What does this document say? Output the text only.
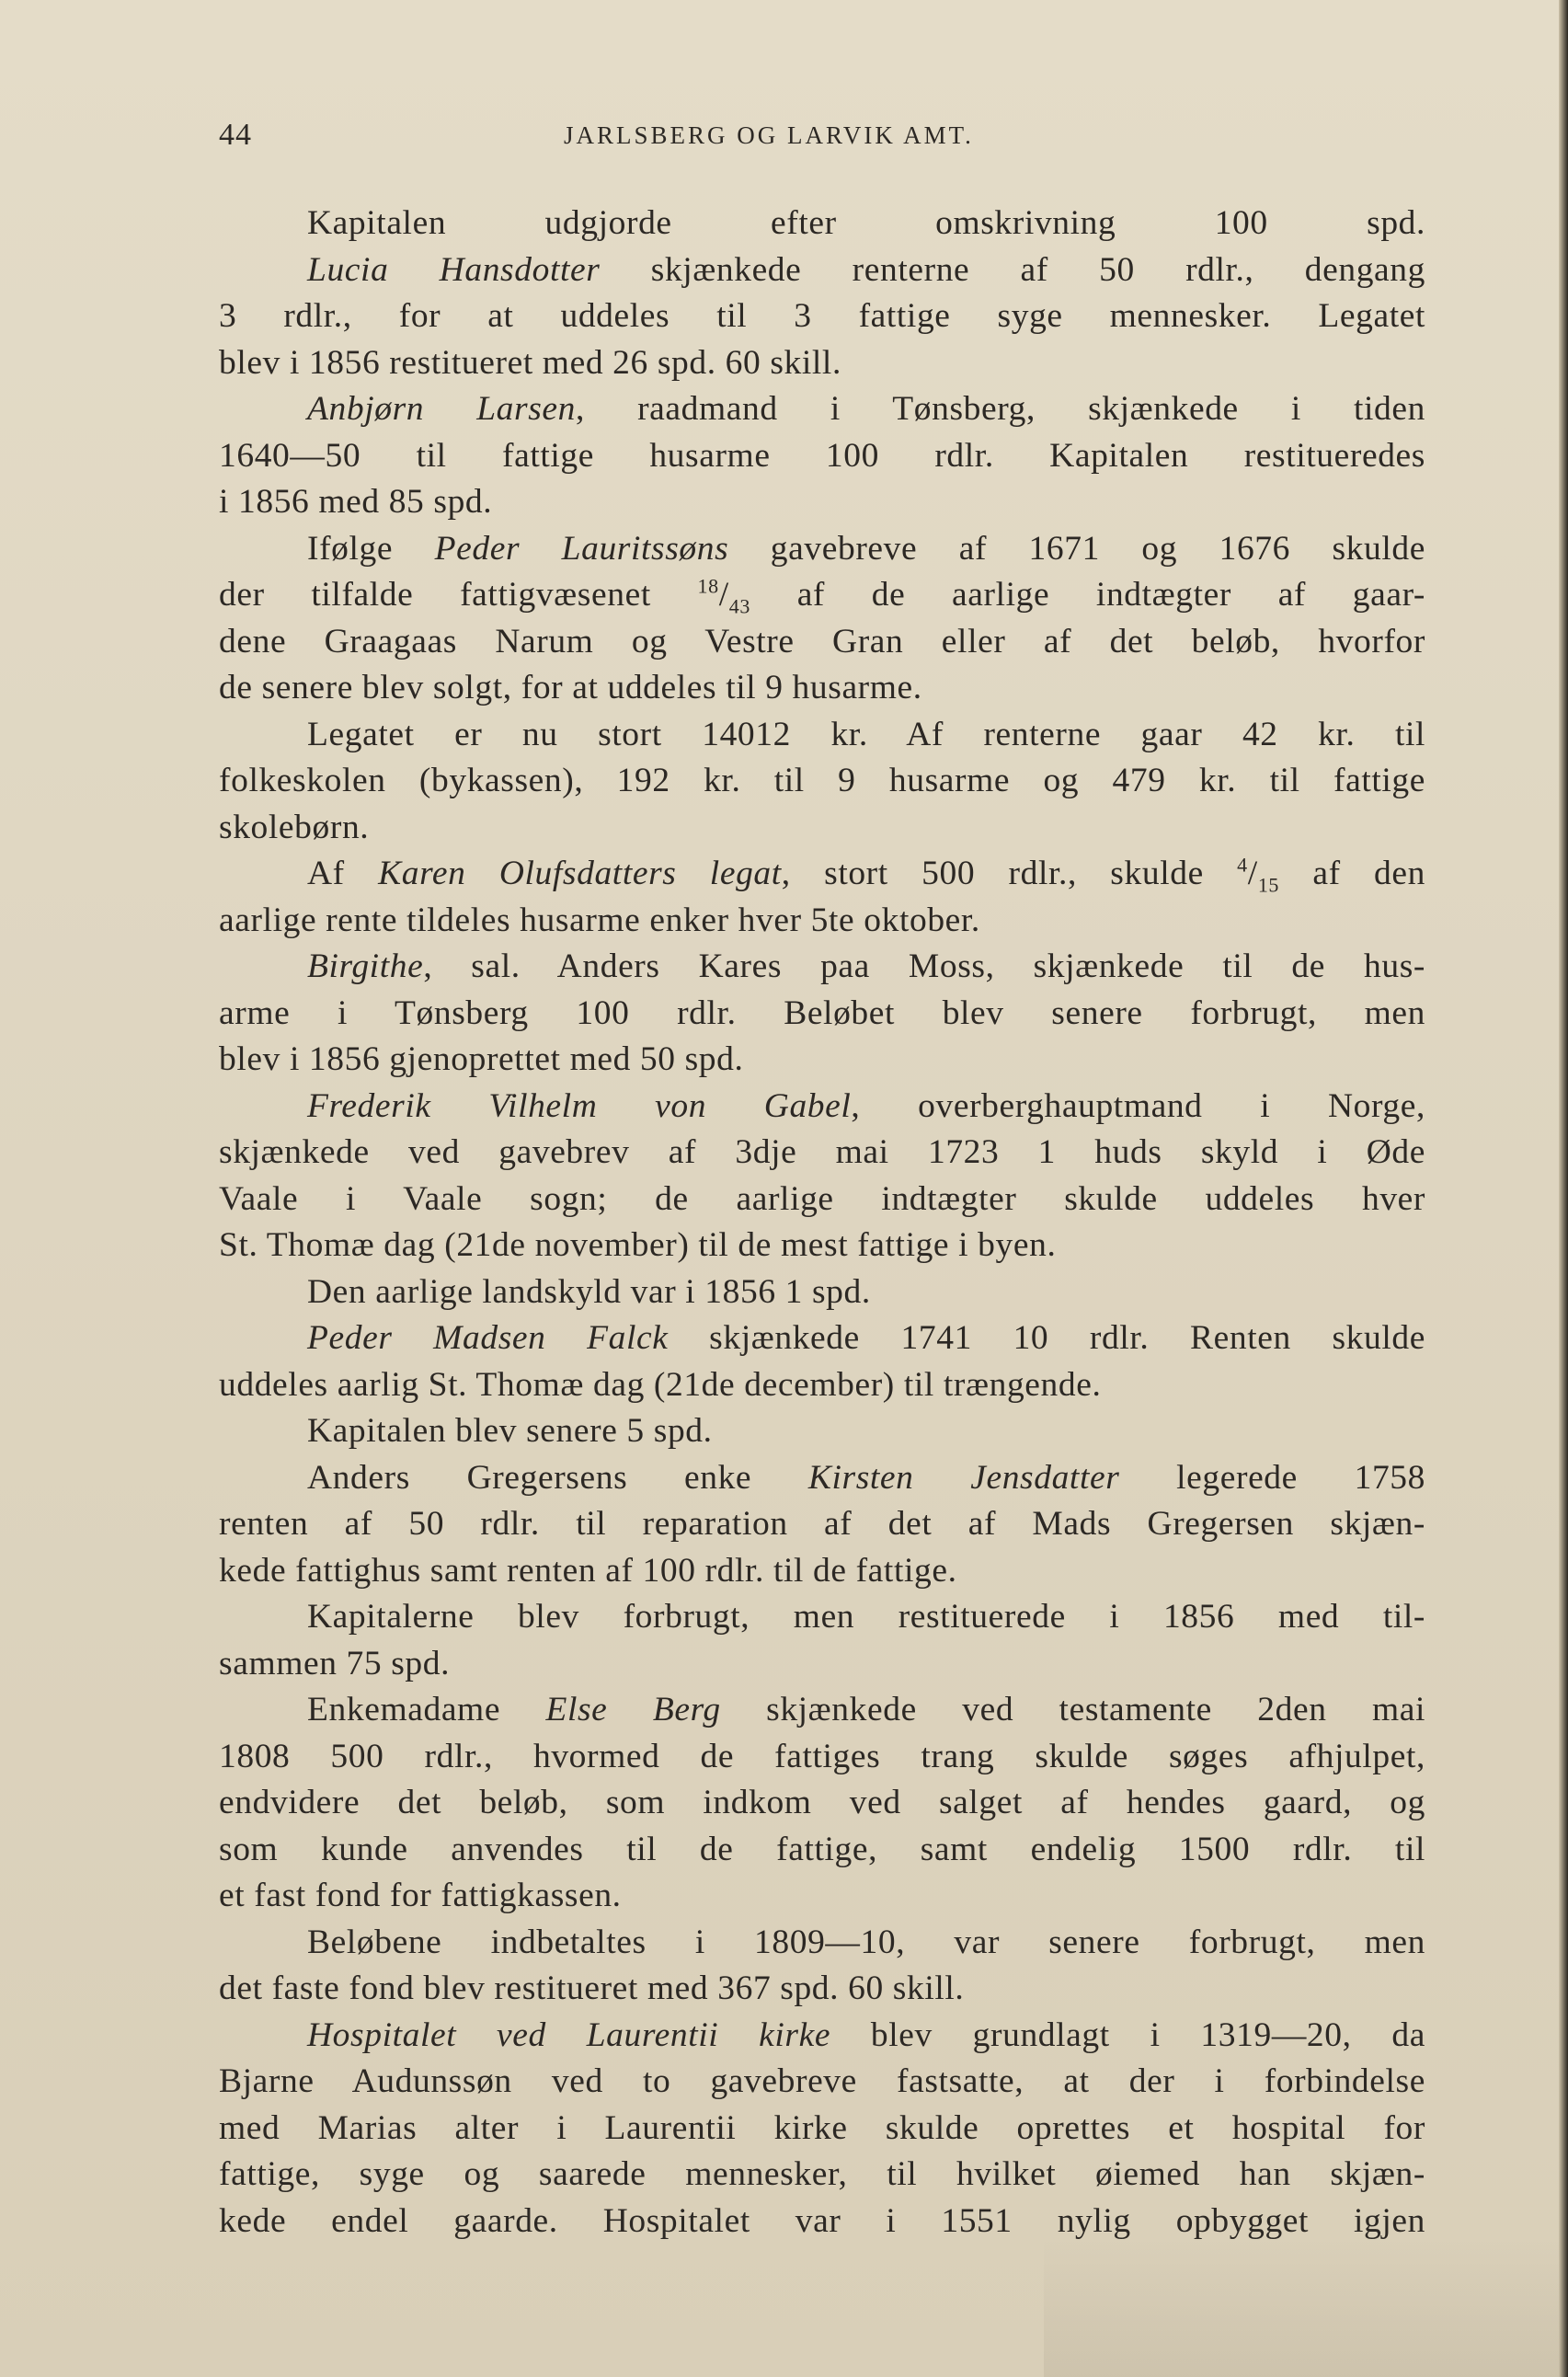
44	JARLSBERG OG LARVIK AMT.
Kapitalen udgjorde efter omskrivning 100 spd.
Lucia Hansdotter skjænkede renterne af 50 rdlr., dengang
3 rdlr., for at uddeles til 3 fattige syge mennesker. Legatet
blev i 1856 restitueret med 26 spd. 60 skill.
Anbjørn Larsen, raadmand i Tønsberg, skjænkede i tiden
1640—50 til fattige husarme 100 rdlr. Kapitalen restitueredes
i 1856 med 85 spd.
Ifølge Peder Lauritssøns gavebreve af 1671 og 1676 skulde
der tilfalde fattigvæsenet $^{18}/_{43}$ af de aarlige indtægter af gaar-
dene Graagaas Narum og Vestre Gran eller af det beløb, hvorfor
de senere blev solgt, for at uddeles til 9 husarme.
Legatet er nu stort 14012 kr. Af renterne gaar 42 kr. til
folkeskolen (bykassen), 192 kr. til 9 husarme og 479 kr. til fattige
skolebørn.
Af Karen Olufsdatters legat, stort 500 rdlr., skulde $^4/_{15}$ af den
aarlige rente tildeles husarme enker hver 5te oktober.
Birgithe, sal. Anders Kares paa Moss, skjænkede til de hus-
arme i Tønsberg 100 rdlr. Beløbet blev senere forbrugt, men
blev i 1856 gjenoprettet med 50 spd.
Frederik Vilhelm von Gabel, overberghauptmand i Norge,
skjænkede ved gavebrev af 3dje mai 1723 1 huds skyld i Øde
Vaale i Vaale sogn; de aarlige indtægter skulde uddeles hver
St. Thomæ dag (21de november) til de mest fattige i byen.
Den aarlige landskyld var i 1856 1 spd.
Peder Madsen Falck skjænkede 1741 10 rdlr. Renten skulde
uddeles aarlig St. Thomæ dag (21de december) til trængende.
Kapitalen blev senere 5 spd.
Anders Gregersens enke Kirsten Jensdatter legerede 1758
renten af 50 rdlr. til reparation af det af Mads Gregersen skjæn-
kede fattighus samt renten af 100 rdlr. til de fattige.
Kapitalerne blev forbrugt, men restituerede i 1856 med til-
sammen 75 spd.
Enkemadame Else Berg skjænkede ved testamente 2den mai
1808 500 rdlr., hvormed de fattiges trang skulde søges afhjulpet,
endvidere det beløb, som indkom ved salget af hendes gaard, og
som kunde anvendes til de fattige, samt endelig 1500 rdlr. til
et fast fond for fattigkassen.
Beløbene indbetaltes i 1809—10, var senere forbrugt, men
det faste fond blev restitueret med 367 spd. 60 skill.
Hospitalet ved Laurentii kirke blev grundlagt i 1319—20, da
Bjarne Audunssøn ved to gavebreve fastsatte, at der i forbindelse
med Marias alter i Laurentii kirke skulde oprettes et hospital for
fattige, syge og saarede mennesker, til hvilket øiemed han skjæn-
kede endel gaarde. Hospitalet var i 1551 nylig opbygget igjen
